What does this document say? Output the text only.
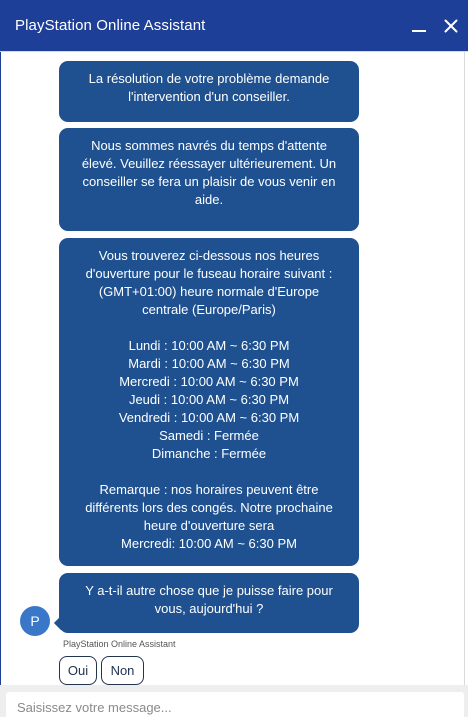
PlayStation Online Assistant
La résolution de votre problème demande
l'intervention d'un conseiller.
Nous sommes navrés du temps d'attente
élevé. Veuillez réessayer ultérieurement. Un
conseiller se fera un plaisir de vous venir en
aide.
Vous trouverez ci-dessous nos heures
d'ouverture pour le fuseau horaire suivant :
(GMT+01:00) heure normale d'Europe
centrale (Europe/Paris)

Lundi : 10:00 AM ~ 6:30 PM
Mardi : 10:00 AM ~ 6:30 PM
Mercredi : 10:00 AM ~ 6:30 PM
Jeudi : 10:00 AM ~ 6:30 PM
Vendredi : 10:00 AM ~ 6:30 PM
Samedi : Fermée
Dimanche : Fermée

Remarque : nos horaires peuvent être
différents lors des congés. Notre prochaine
heure d'ouverture sera
Mercredi: 10:00 AM ~ 6:30 PM
Y a-t-il autre chose que je puisse faire pour
vous, aujourd'hui ?
P
PlayStation Online Assistant
Oui	Non
Saisissez votre message...
